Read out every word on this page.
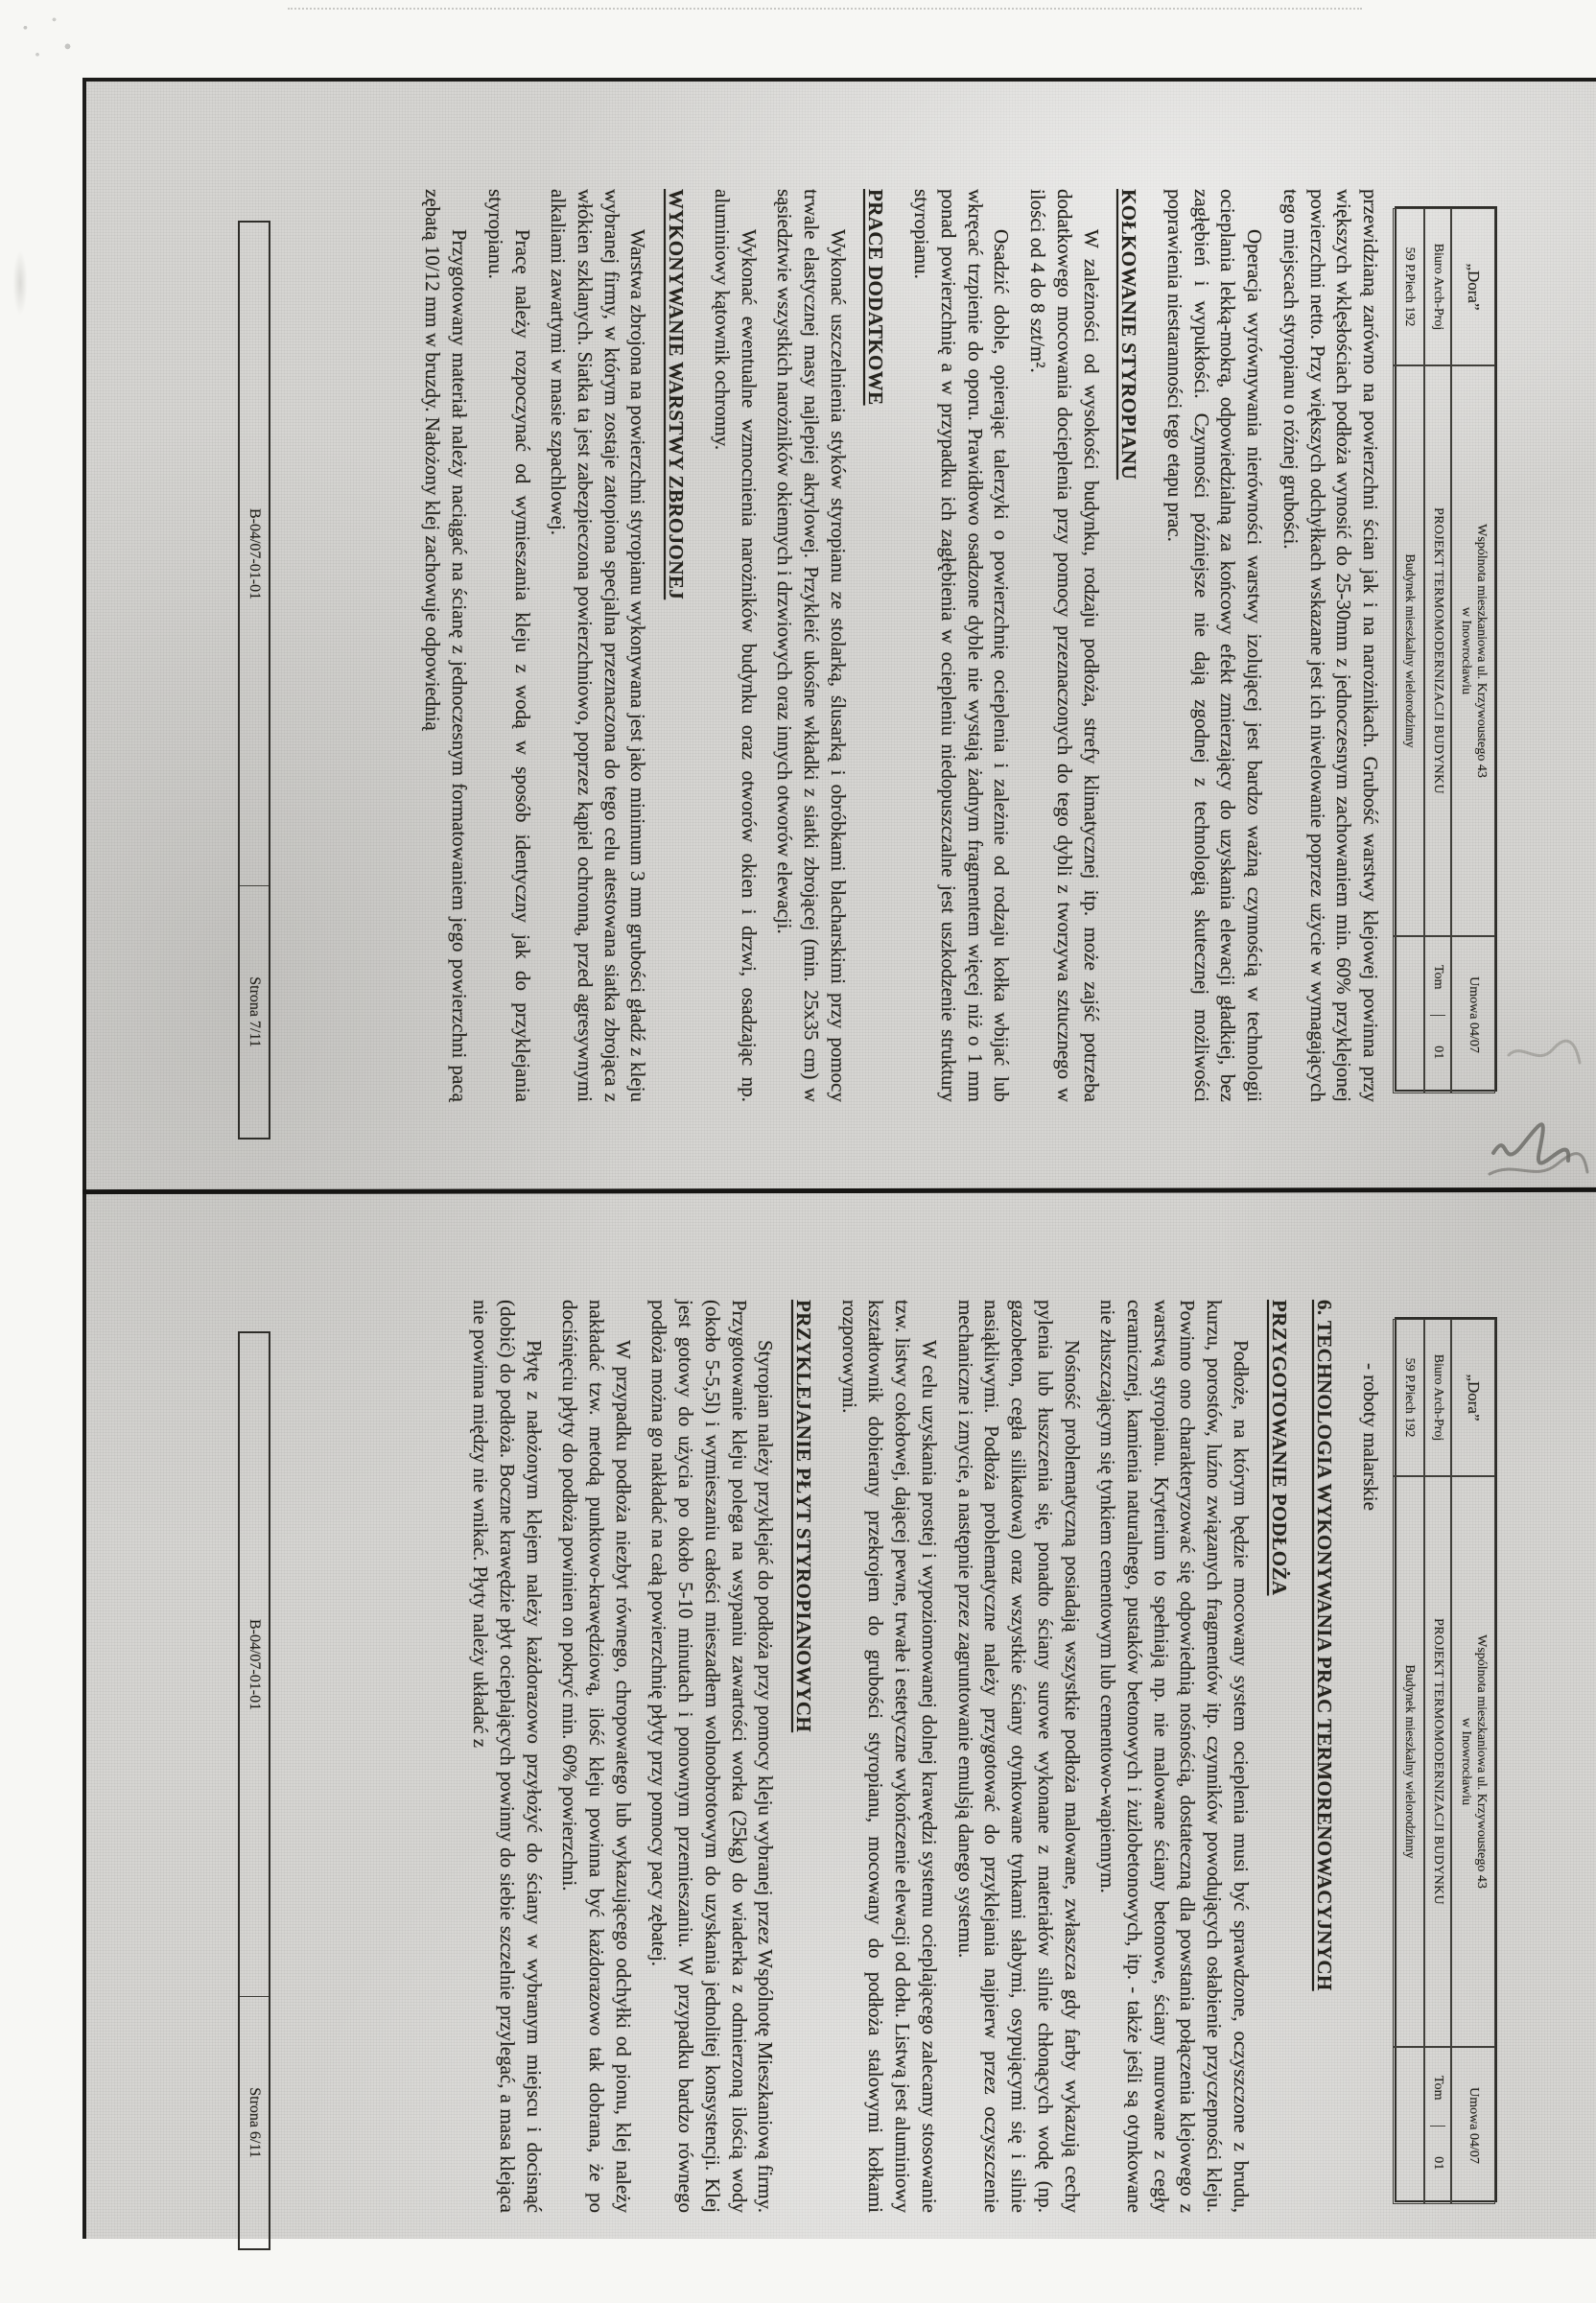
„Dora”
Wspólnota mieszkaniowa ul. Krzywoustego 43
w Inowrocławiu
Umowa 04/07
Biuro Arch-Proj
PROJEKT TERMOMODERNIZACJI BUDYNKU
Tom
01
59 P.Piech 192
Budynek mieszkalny wielorodzinny
przewidzianą zarówno na powierzchni ścian jak i na narożnikach. Grubość warstwy klejowej powinna przy większych wklęsłościach podłoża wynosić do 25-30mm z jednoczesnym zachowaniem min. 60% przyklejonej powierzchni netto. Przy większych odchyłkach wskazane jest ich niwelowanie poprzez użycie w wymagających tego miejscach styropianu o różnej grubości.
Operacja wyrównywania nierówności warstwy izolującej jest bardzo ważną czynnością w technologii ocieplania lekką-mokrą, odpowiedzialną za końcowy efekt zmierzający do uzyskania elewacji gładkiej, bez zagłębień i wypukłości. Czynności późniejsze nie dają zgodnej z technologią skutecznej możliwości poprawienia niestaranności tego etapu prac.
KOŁKOWANIE STYROPIANU
W zależności od wysokości budynku, rodzaju podłoża, strefy klimatycznej itp. może zajść potrzeba dodatkowego mocowania docieplenia przy pomocy przeznaczonych do tego dybli z tworzywa sztucznego w ilości od 4 do 8 szt/m².
Osadzić doble, opierając talerzyki o powierzchnię ocieplenia i zależnie od rodzaju kołka wbijać lub wkręcać trzpienie do oporu. Prawidłowo osadzone dyble nie wystają żadnym fragmentem więcej niż o 1 mm ponad powierzchnię a w przypadku ich zagłębienia w ociepleniu niedopuszczalne jest uszkodzenie struktury styropianu.
PRACE DODATKOWE
Wykonać uszczelnienia styków styropianu ze stolarką, ślusarką i obróbkami blacharskimi przy pomocy trwale elastycznej masy najlepiej akrylowej. Przykleić ukośne wkładki z siatki zbrojącej (min. 25x35 cm) w sąsiedztwie wszystkich narożników okiennych i drzwiowych oraz innych otworów elewacji.
Wykonać ewentualne wzmocnienia narożników budynku oraz otworów okien i drzwi, osadzając np. aluminiowy kątownik ochronny.
WYKONYWANIE WARSTWY ZBROJONEJ
Warstwa zbrojona na powierzchni styropianu wykonywana jest jako minimum 3 mm grubości gładź z kleju wybranej firmy, w którym zostaje zatopiona specjalna przeznaczona do tego celu atestowana siatka zbrojąca z włókien szklanych. Siatka ta jest zabezpieczona powierzchniowo, poprzez kąpiel ochronną, przed agresywnymi alkaliami zawartymi w masie szpachlowej.
Pracę należy rozpoczynać od wymieszania kleju z wodą w sposób identyczny jak do przyklejania styropianu.
Przygotowany materiał należy naciągać na ścianę z jednoczesnym formatowaniem jego powierzchni pacą zębatą 10/12 mm w bruzdy. Nałożony klej zachowuje odpowiednią
B-04/07-01-01
Strona 7/11
„Dora”
Wspólnota mieszkaniowa ul. Krzywoustego 43
w Inowrocławiu
Umowa 04/07
Biuro Arch-Proj
PROJEKT TERMOMODERNIZACJI BUDYNKU
Tom
01
59 P.Piech 192
Budynek mieszkalny wielorodzinny
- roboty malarskie
6. TECHNOLOGIA WYKONYWANIA PRAC TERMORENOWACYJNYCH
PRZYGOTOWANIE PODŁOŻA
Podłoże, na którym będzie mocowany system ocieplenia musi być sprawdzone, oczyszczone z brudu, kurzu, porostów, luźno związanych fragmentów itp. czynników powodujących osłabienie przyczepności kleju. Powinno ono charakteryzować się odpowiednią nośnością, dostateczną dla powstania połączenia klejowego z warstwą styropianu. Kryterium to spełniają np. nie malowane ściany betonowe, ściany murowane z cegły ceramicznej, kamienia naturalnego, pustaków betonowych i żużlobetonowych, itp. - także jeśli są otynkowane nie złuszczającym się tynkiem cementowym lub cementowo-wapiennym.
Nośność problematyczną posiadają wszystkie podłoża malowane, zwłaszcza gdy farby wykazują cechy pylenia lub łuszczenia się, ponadto ściany surowe wykonane z materiałów silnie chłonących wodę (np. gazobeton, cegła silikatowa) oraz wszystkie ściany otynkowane tynkami słabymi, osypującymi się i silnie nasiąkliwymi. Podłoża problematyczne należy przygotować do przyklejania najpierw przez oczyszczenie mechaniczne i zmycie, a następnie przez zagruntowanie emulsją danego systemu.
W celu uzyskania prostej i wypoziomowanej dolnej krawędzi systemu ocieplającego zalecamy stosowanie tzw. listwy cokołowej, dającej pewne, trwałe i estetyczne wykończenie elewacji od dołu. Listwą jest aluminiowy kształtownik dobierany przekrojem do grubości styropianu, mocowany do podłoża stalowymi kołkami rozporowymi.
PRZYKLEJANIE PŁYT STYROPIANOWYCH
Styropian należy przyklejać do podłoża przy pomocy kleju wybranej przez Wspólnotę Mieszkaniową firmy. Przygotowanie kleju polega na wsypaniu zawartości worka (25kg) do wiaderka z odmierzoną ilością wody (około 5-5,5l) i wymieszaniu całości mieszadłem wolnoobrotowym do uzyskania jednolitej konsystencji. Klej jest gotowy do użycia po około 5-10 minutach i ponownym przemieszaniu. W przypadku bardzo równego podłoża można go nakładać na całą powierzchnię płyty przy pomocy pacy zębatej.
W przypadku podłoża niezbyt równego, chropowatego lub wykazującego odchyłki od pionu, klej należy nakładać tzw. metodą punktowo-krawędziową, ilość kleju powinna być każdorazowo tak dobrana, że po dociśnięciu płyty do podłoża powinien on pokryć min. 60% powierzchni.
Płytę z nałożonym klejem należy każdorazowo przyłożyć do ściany w wybranym miejscu i docisnąć (dobić) do podłoża. Boczne krawędzie płyt ocieplających powinny do siebie szczelnie przylegać, a masa klejąca nie powinna między nie wnikać. Płyty należy układać z
B-04/07-01-01
Strona 6/11
